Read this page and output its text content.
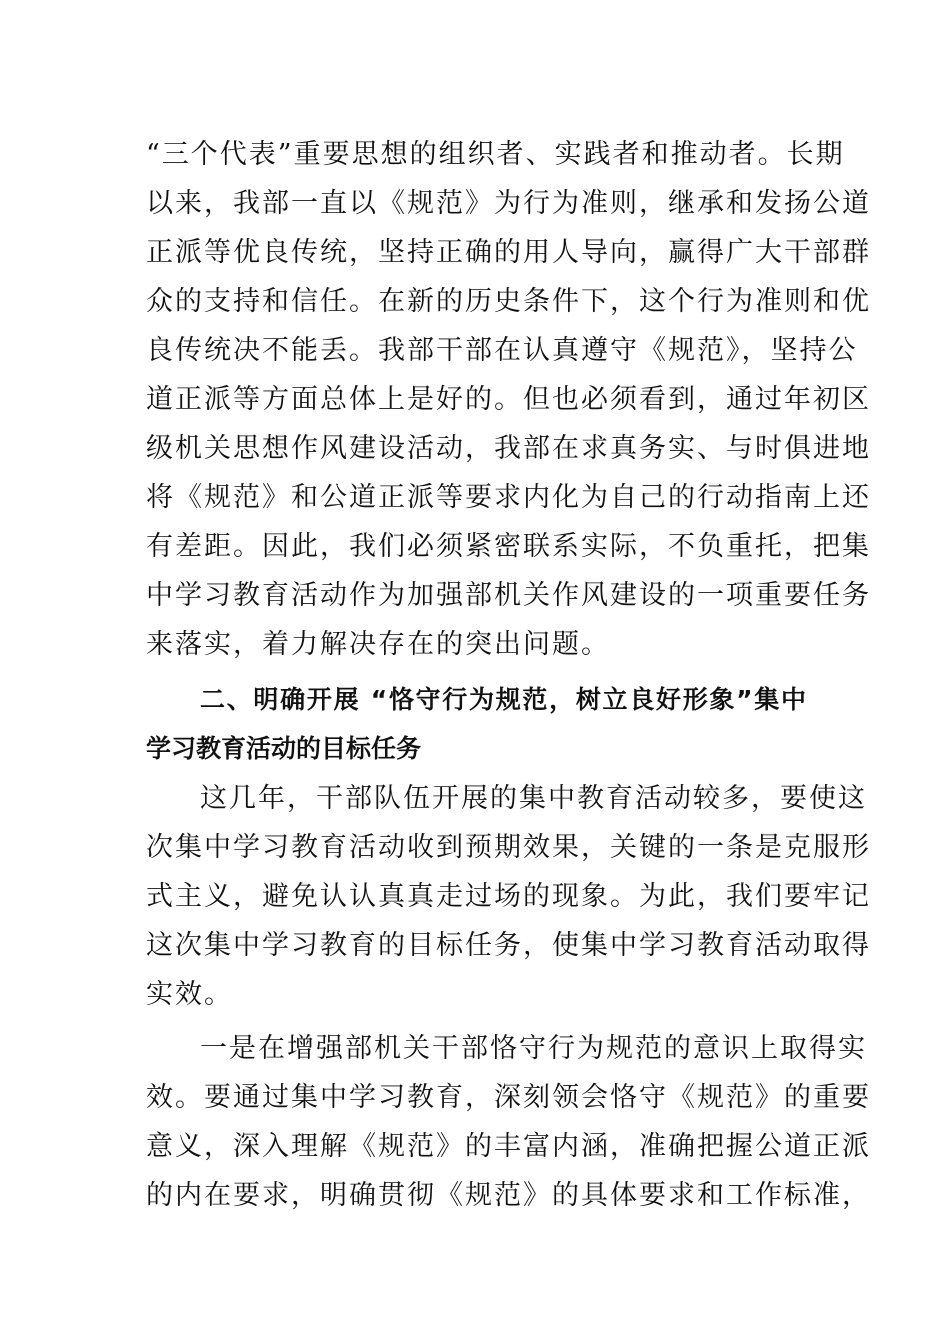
“三个代表”重要思想的组织者、实践者和推动者。长期
以来，我部一直以《规范》为行为准则，继承和发扬公道
正派等优良传统，坚持正确的用人导向，赢得广大干部群
众的支持和信任。在新的历史条件下，这个行为准则和优
良传统决不能丢。我部干部在认真遵守《规范》，坚持公
道正派等方面总体上是好的。但也必须看到，通过年初区
级机关思想作风建设活动，我部在求真务实、与时俱进地
将《规范》和公道正派等要求内化为自己的行动指南上还
有差距。因此，我们必须紧密联系实际，不负重托，把集
中学习教育活动作为加强部机关作风建设的一项重要任务
来落实，着力解决存在的突出问题。
二、明确开展 “恪守行为规范，树立良好形象”集中
学习教育活动的目标任务
这几年，干部队伍开展的集中教育活动较多，要使这
次集中学习教育活动收到预期效果，关键的一条是克服形
式主义，避免认认真真走过场的现象。为此，我们要牢记
这次集中学习教育的目标任务，使集中学习教育活动取得
实效。
一是在增强部机关干部恪守行为规范的意识上取得实
效。要通过集中学习教育，深刻领会恪守《规范》的重要
意义，深入理解《规范》的丰富内涵，准确把握公道正派
的内在要求，明确贯彻《规范》的具体要求和工作标准，
